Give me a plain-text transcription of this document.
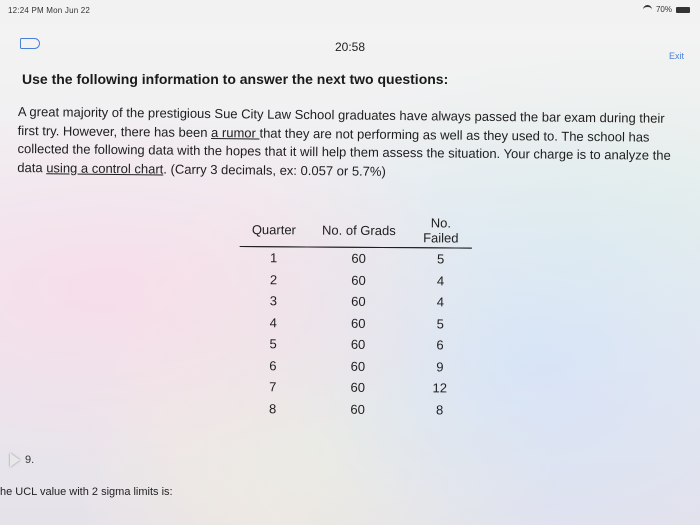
12:24 PM Mon Jun 22	70%
20:58
Exit
Use the following information to answer the next two questions:

A great majority of the prestigious Sue City Law School graduates have always passed the bar exam during their first try. However, there has been a rumor that they are not performing as well as they used to. The school has collected the following data with the hopes that it will help them assess the situation. Your charge is to analyze the data using a control chart. (Carry 3 decimals, ex: 0.057 or 5.7%)

Quarter	No. of Grads	No. Failed
1	60	5
2	60	4
3	60	4
4	60	5
5	60	6
6	60	9
7	60	12
8	60	8
9.
he UCL value with 2 sigma limits is:
